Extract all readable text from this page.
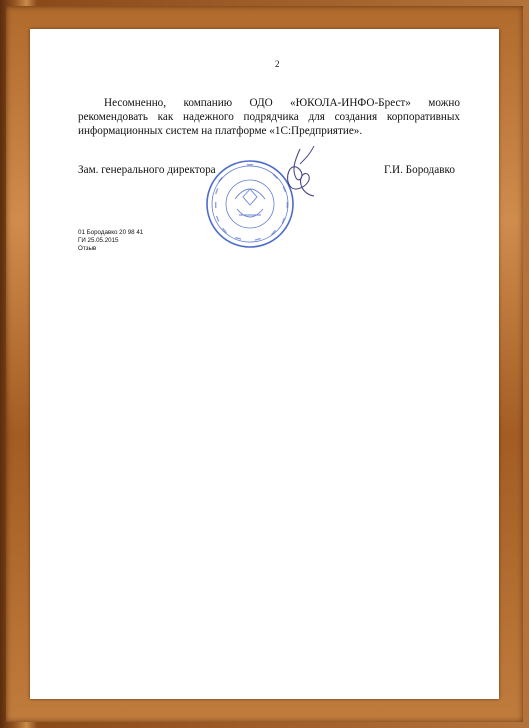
2
Несомненно, компанию ОДО «ЮКОЛА-ИНФО-Брест» можно рекомендовать как надежного подрядчика для создания корпоративных информационных систем на платформе «1С:Предприятие».
Зам. генерального директора	Г.И. Бородавко
01 Бородавко 20 98 41
ГИ 25.05.2015
Отзыв
